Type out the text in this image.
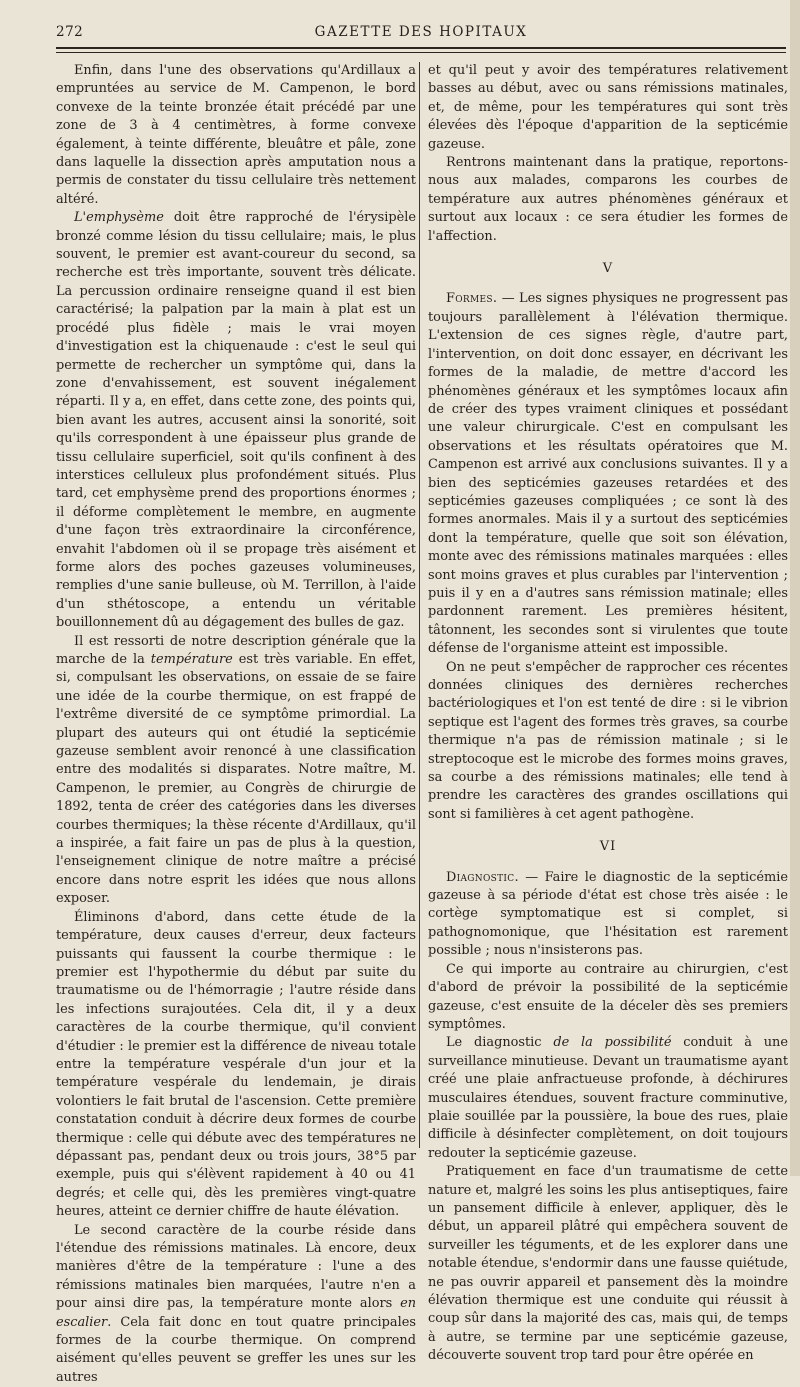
272	GAZETTE DES HOPITAUX

Enfin, dans l'une des observations qu'Ardillaux a empruntées au service de M. Campenon, le bord convexe de la teinte bronzée était précédé par une zone de 3 à 4 centimètres, à forme convexe également, à teinte différente, bleuâtre et pâle, zone dans laquelle la dissection après amputation nous a permis de constater du tissu cellulaire très nettement altéré.

L'emphysème doit être rapproché de l'érysipèle bronzé comme lésion du tissu cellulaire; mais, le plus souvent, le premier est avant-coureur du second, sa recherche est très importante, souvent très délicate. La percussion ordinaire renseigne quand il est bien caractérisé; la palpation par la main à plat est un procédé plus fidèle ; mais le vrai moyen d'investigation est la chiquenaude : c'est le seul qui permette de rechercher un symptôme qui, dans la zone d'envahissement, est souvent inégalement réparti. Il y a, en effet, dans cette zone, des points qui, bien avant les autres, accusent ainsi la sonorité, soit qu'ils correspondent à une épaisseur plus grande de tissu cellulaire superficiel, soit qu'ils confinent à des interstices celluleux plus profondément situés. Plus tard, cet emphysème prend des proportions énormes ; il déforme complètement le membre, en augmente d'une façon très extraordinaire la circonférence, envahit l'abdomen où il se propage très aisément et forme alors des poches gazeuses volumineuses, remplies d'une sanie bulleuse, où M. Terrillon, à l'aide d'un sthétoscope, a entendu un véritable bouillonnement dû au dégagement des bulles de gaz.

Il est ressorti de notre description générale que la marche de la température est très variable. En effet, si, compulsant les observations, on essaie de se faire une idée de la courbe thermique, on est frappé de l'extrême diversité de ce symptôme primordial. La plupart des auteurs qui ont étudié la septicémie gazeuse semblent avoir renoncé à une classification entre des modalités si disparates. Notre maître, M. Campenon, le premier, au Congrès de chirurgie de 1892, tenta de créer des catégories dans les diverses courbes thermiques; la thèse récente d'Ardillaux, qu'il a inspirée, a fait faire un pas de plus à la question, l'enseignement clinique de notre maître a précisé encore dans notre esprit les idées que nous allons exposer.

Éliminons d'abord, dans cette étude de la température, deux causes d'erreur, deux facteurs puissants qui faussent la courbe thermique : le premier est l'hypothermie du début par suite du traumatisme ou de l'hémorragie ; l'autre réside dans les infections surajoutées. Cela dit, il y a deux caractères de la courbe thermique, qu'il convient d'étudier : le premier est la différence de niveau totale entre la température vespérale d'un jour et la température vespérale du lendemain, je dirais volontiers le fait brutal de l'ascension. Cette première constatation conduit à décrire deux formes de courbe thermique : celle qui débute avec des températures ne dépassant pas, pendant deux ou trois jours, 38°5 par exemple, puis qui s'élèvent rapidement à 40 ou 41 degrés; et celle qui, dès les premières vingt-quatre heures, atteint ce dernier chiffre de haute élévation.

Le second caractère de la courbe réside dans l'étendue des rémissions matinales. Là encore, deux manières d'être de la température : l'une a des rémissions matinales bien marquées, l'autre n'en a pour ainsi dire pas, la température monte alors en escalier. Cela fait donc en tout quatre principales formes de la courbe thermique. On comprend aisément qu'elles peuvent se greffer les unes sur les autres

et qu'il peut y avoir des températures relativement basses au début, avec ou sans rémissions matinales, et, de même, pour les températures qui sont très élevées dès l'époque d'apparition de la septicémie gazeuse.

Rentrons maintenant dans la pratique, reportons-nous aux malades, comparons les courbes de température aux autres phénomènes généraux et surtout aux locaux : ce sera étudier les formes de l'affection.

V

Formes. — Les signes physiques ne progressent pas toujours parallèlement à l'élévation thermique. L'extension de ces signes règle, d'autre part, l'intervention, on doit donc essayer, en décrivant les formes de la maladie, de mettre d'accord les phénomènes généraux et les symptômes locaux afin de créer des types vraiment cliniques et possédant une valeur chirurgicale. C'est en compulsant les observations et les résultats opératoires que M. Campenon est arrivé aux conclusions suivantes. Il y a bien des septicémies gazeuses retardées et des septicémies gazeuses compliquées ; ce sont là des formes anormales. Mais il y a surtout des septicémies dont la température, quelle que soit son élévation, monte avec des rémissions matinales marquées : elles sont moins graves et plus curables par l'intervention ; puis il y en a d'autres sans rémission matinale; elles pardonnent rarement. Les premières hésitent, tâtonnent, les secondes sont si virulentes que toute défense de l'organisme atteint est impossible.

On ne peut s'empêcher de rapprocher ces récentes données cliniques des dernières recherches bactériologiques et l'on est tenté de dire : si le vibrion septique est l'agent des formes très graves, sa courbe thermique n'a pas de rémission matinale ; si le streptocoque est le microbe des formes moins graves, sa courbe a des rémissions matinales; elle tend à prendre les caractères des grandes oscillations qui sont si familières à cet agent pathogène.

VI

Diagnostic. — Faire le diagnostic de la septicémie gazeuse à sa période d'état est chose très aisée : le cortège symptomatique est si complet, si pathognomonique, que l'hésitation est rarement possible ; nous n'insisterons pas.

Ce qui importe au contraire au chirurgien, c'est d'abord de prévoir la possibilité de la septicémie gazeuse, c'est ensuite de la déceler dès ses premiers symptômes.

Le diagnostic de la possibilité conduit à une surveillance minutieuse. Devant un traumatisme ayant créé une plaie anfractueuse profonde, à déchirures musculaires étendues, souvent fracture comminutive, plaie souillée par la poussière, la boue des rues, plaie difficile à désinfecter complètement, on doit toujours redouter la septicémie gazeuse.

Pratiquement en face d'un traumatisme de cette nature et, malgré les soins les plus antiseptiques, faire un pansement difficile à enlever, appliquer, dès le début, un appareil plâtré qui empêchera souvent de surveiller les téguments, et de les explorer dans une notable étendue, s'endormir dans une fausse quiétude, ne pas ouvrir appareil et pansement dès la moindre élévation thermique est une conduite qui réussit à coup sûr dans la majorité des cas, mais qui, de temps à autre, se termine par une septicémie gazeuse, découverte souvent trop tard pour être opérée en
